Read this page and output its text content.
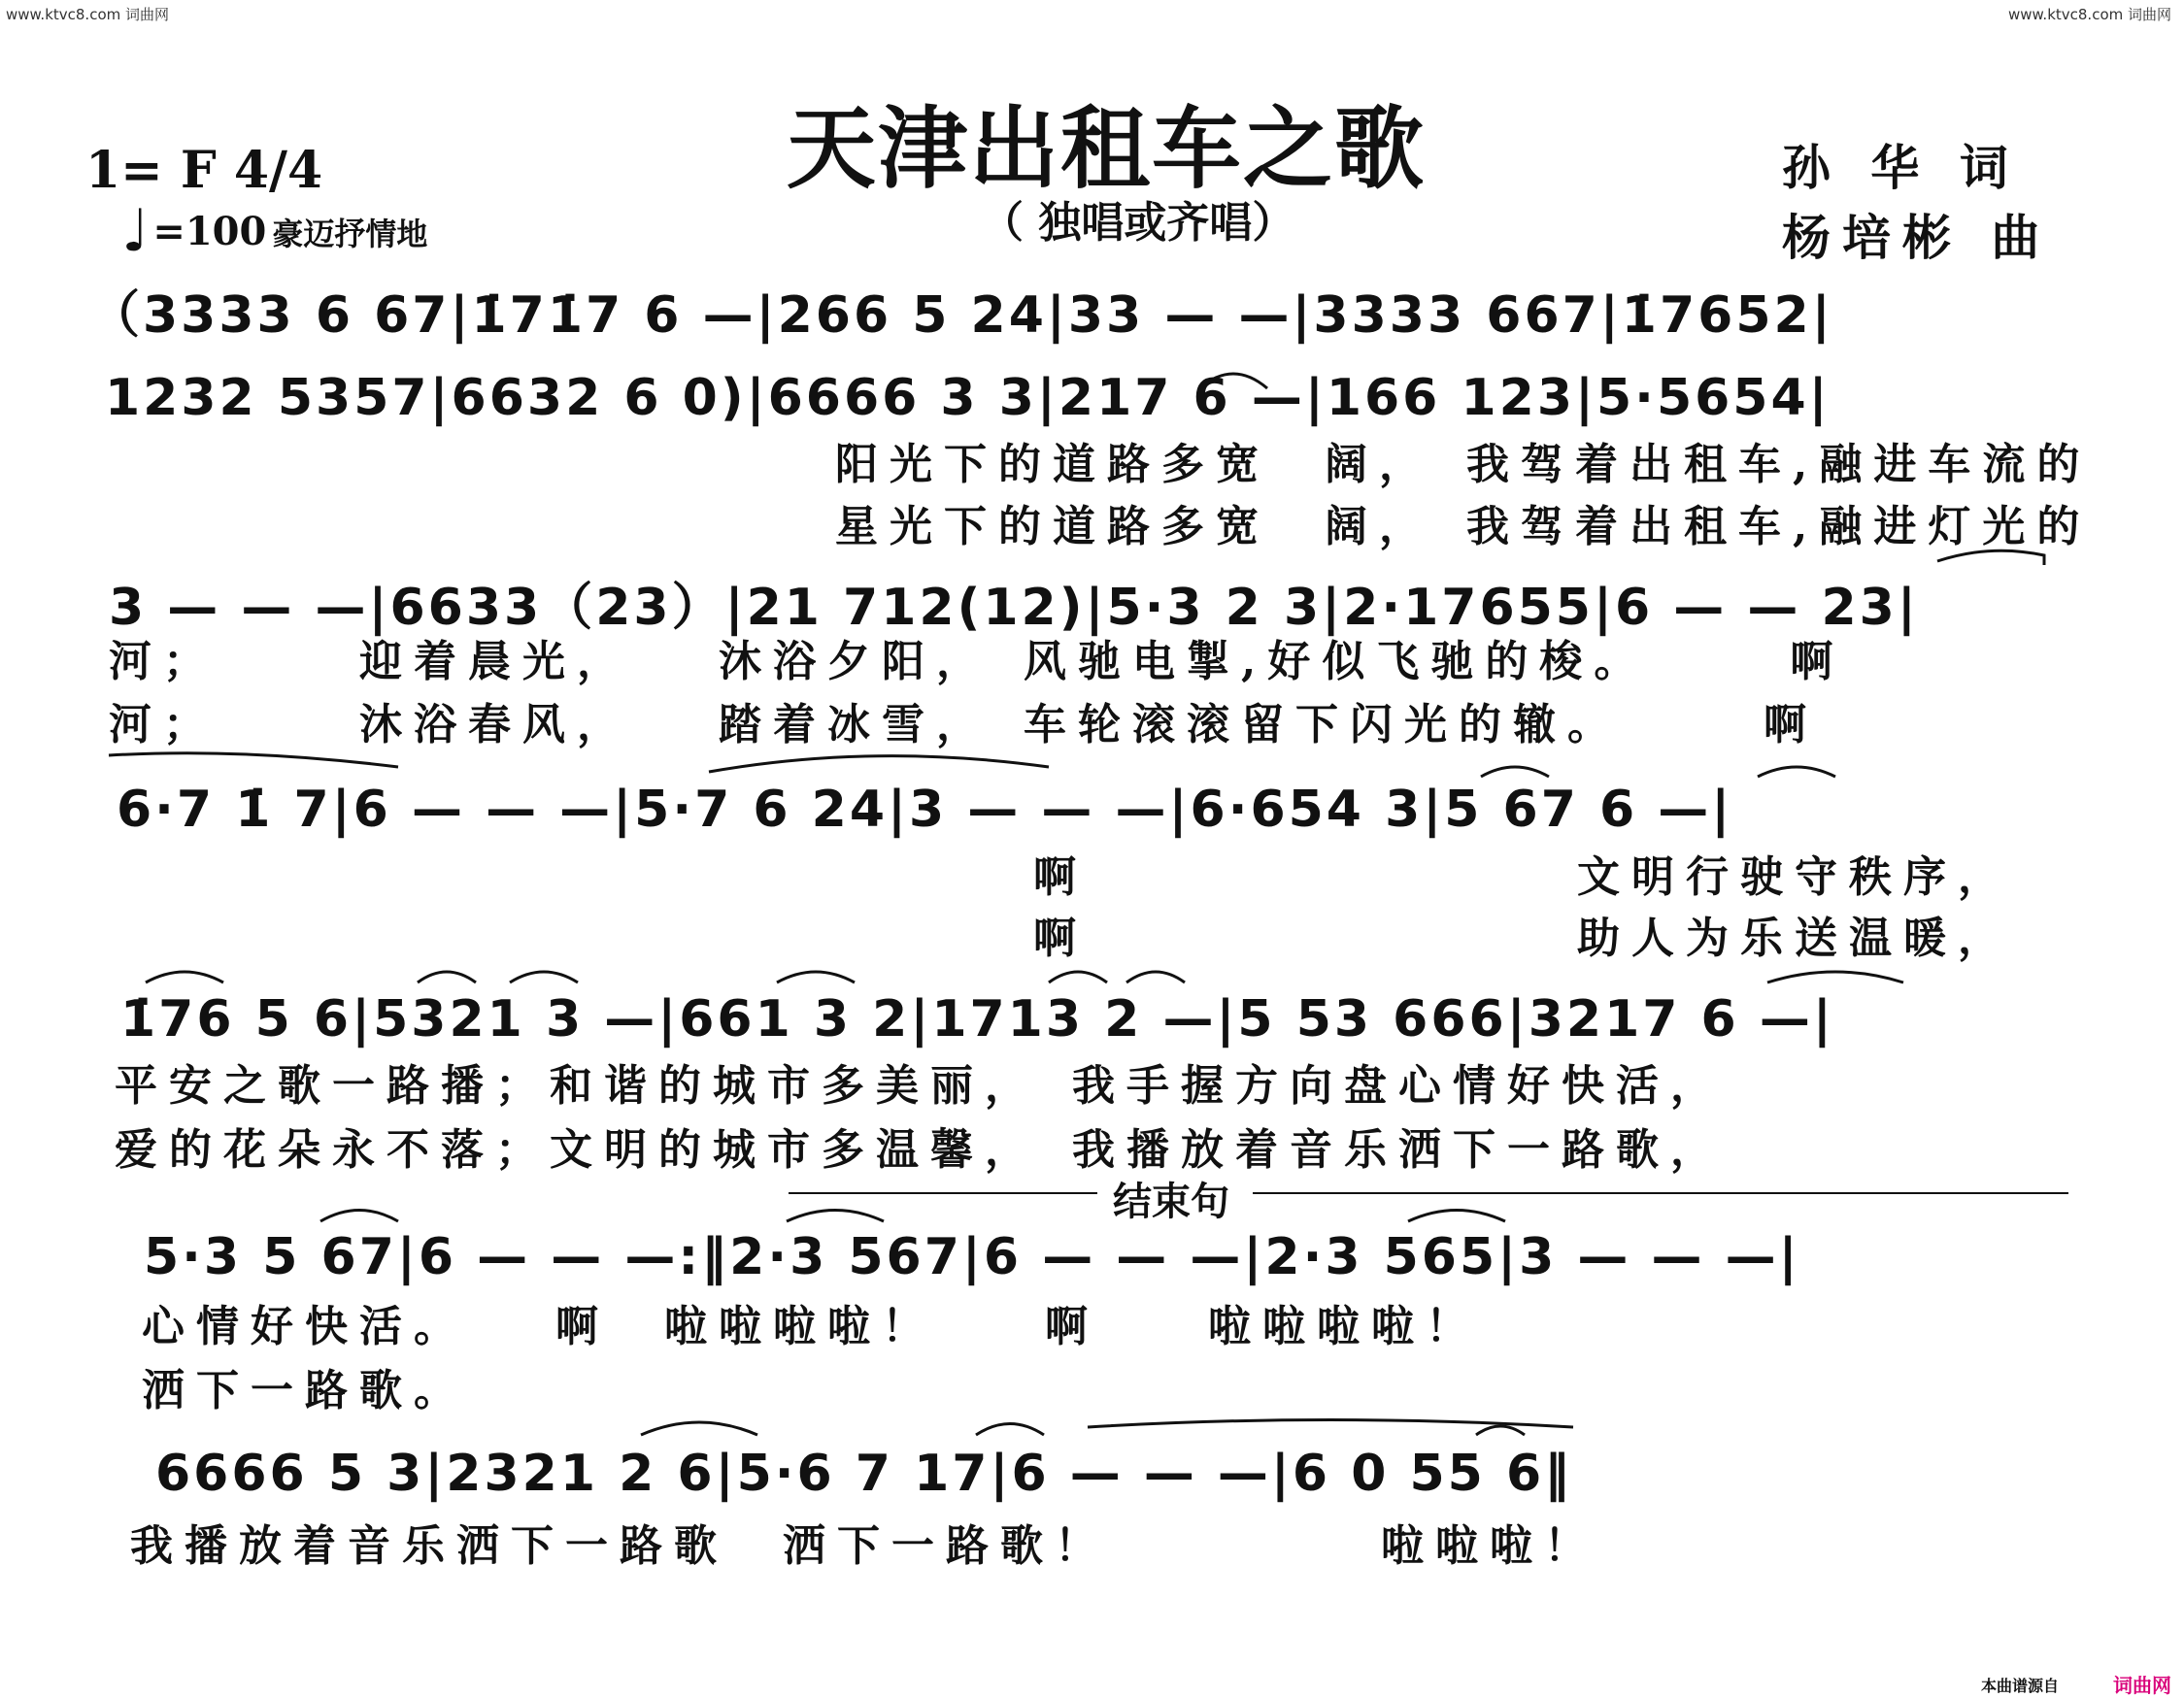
www.ktvc8.com 词曲网	www.ktvc8.com 词曲网
天津出租车之歌
（ 独唱或齐唱）
1= F 4/4
♩ =100 豪迈抒情地
孙 华 词
杨培彬 曲
（3333 6 67|1̇71̇7 6 —|266 5 24|33 — —|3333 667|1̇7652|
1232 5357|6632 6 0)|6666 3 3|217 6 —|166 123|5·5654|
阳光下的道路多宽　阔，　我驾着出租车,融进车流的
星光下的道路多宽　阔，　我驾着出租车,融进灯光的
3 — — —|6633（23）|21 712(12)|5·3 2 3|2·17655|6 — — 23|
河；　　　迎着晨光，　　沐浴夕阳，　风驰电掣,好似飞驰的梭。　　　啊
河；　　　沐浴春风，　　踏着冰雪，　车轮滚滚留下闪光的辙。　　　啊
6·7 1̇ 7|6 — — —|5·7 6 24|3 — — —|6·654 3|5 67 6 —|
　　　　　　　　　啊　　　　　　　　　文明行驶守秩序，
　　　　　　　　　啊　　　　　　　　　助人为乐送温暖，
1̇76 5 6|5321 3 —|661 3 2|1713 2 —|5 53 666|3217 6 —|
平安之歌一路播；和谐的城市多美丽，　我手握方向盘心情好快活，
爱的花朵永不落；文明的城市多温馨，　我播放着音乐洒下一路歌，
结束句
5·3 5 67|6 — — —:‖2·3 567|6 — — —|2·3 565|3 — — —|
心情好快活。　　啊　啦啦啦啦！　　啊　　啦啦啦啦！
洒下一路歌。
6666 5 3|2321 2 6|5·6 7 17|6 — — —|6 0 55 6‖
我播放着音乐洒下一路歌　洒下一路歌！　　　　　啦啦啦！
本曲谱源自	词曲网
